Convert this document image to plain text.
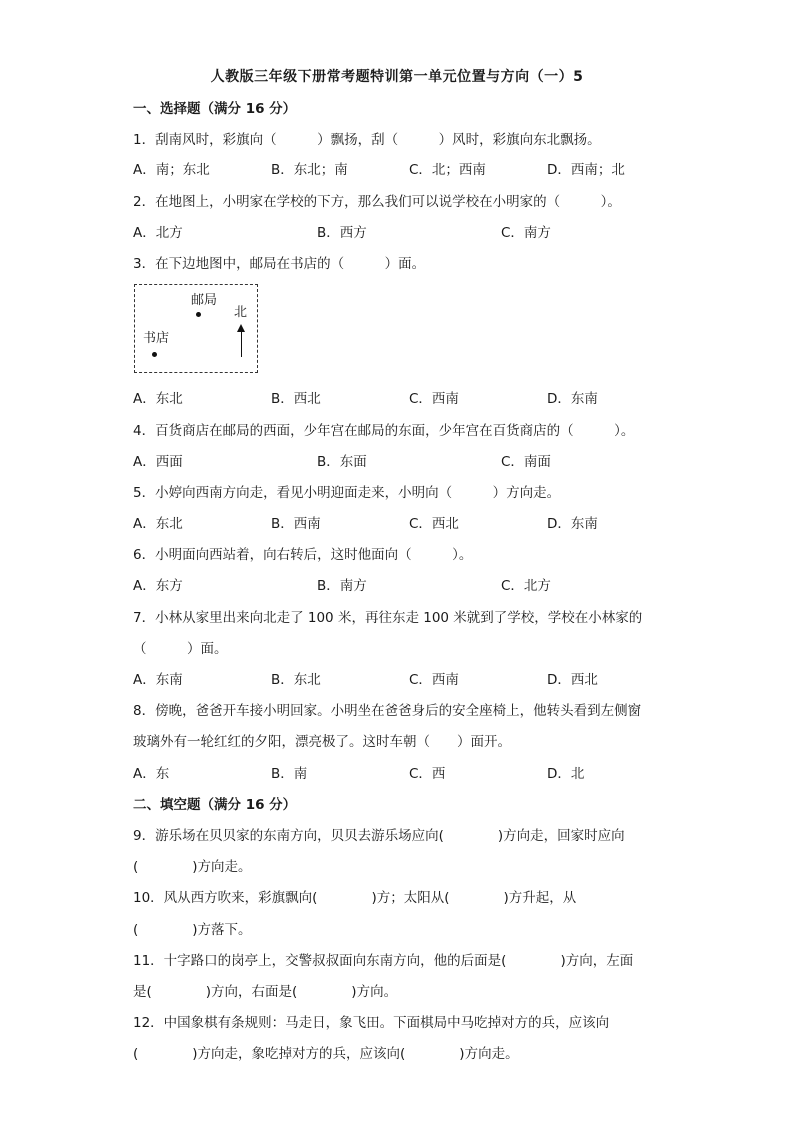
人教版三年级下册常考题特训第一单元位置与方向（一）5
一、选择题（满分 16 分）
1．刮南风时，彩旗向（　　　）飘扬，刮（　　　）风时，彩旗向东北飘扬。
A．南；东北	B．东北；南	C．北；西南	D．西南；北
2．在地图上，小明家在学校的下方，那么我们可以说学校在小明家的（　　　）。
A．北方	B．西方	C．南方
3．在下边地图中，邮局在书店的（　　　）面。
邮局
书店
北
A．东北	B．西北	C．西南	D．东南
4．百货商店在邮局的西面，少年宫在邮局的东面，少年宫在百货商店的（　　　）。
A．西面	B．东面	C．南面
5．小婷向西南方向走，看见小明迎面走来，小明向（　　　）方向走。
A．东北	B．西南	C．西北	D．东南
6．小明面向西站着，向右转后，这时他面向（　　　）。
A．东方	B．南方	C．北方
7．小林从家里出来向北走了 100 米，再往东走 100 米就到了学校，学校在小林家的
（　　　）面。
A．东南	B．东北	C．西南	D．西北
8．傍晚，爸爸开车接小明回家。小明坐在爸爸身后的安全座椅上，他转头看到左侧窗
玻璃外有一轮红红的夕阳，漂亮极了。这时车朝（　　）面开。
A．东	B．南	C．西	D．北
二、填空题（满分 16 分）
9．游乐场在贝贝家的东南方向，贝贝去游乐场应向(　　　　)方向走，回家时应向
(　　　　)方向走。
10．风从西方吹来，彩旗飘向(　　　　)方；太阳从(　　　　)方升起，从
(　　　　)方落下。
11．十字路口的岗亭上，交警叔叔面向东南方向，他的后面是(　　　　)方向，左面
是(　　　　)方向，右面是(　　　　)方向。
12．中国象棋有条规则：马走日，象飞田。下面棋局中马吃掉对方的兵，应该向
(　　　　)方向走，象吃掉对方的兵，应该向(　　　　)方向走。
